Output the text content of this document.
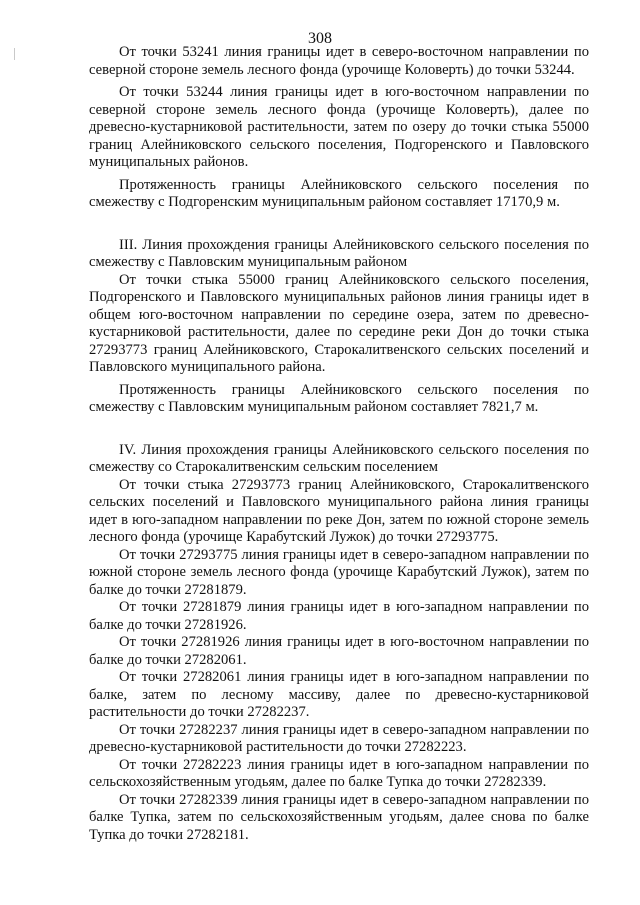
308

От точки 53241 линия границы идет в северо-восточном направлении по северной стороне земель лесного фонда (урочище Коловерть) до точки 53244.

От точки 53244 линия границы идет в юго-восточном направлении по северной стороне земель лесного фонда (урочище Коловерть), далее по древесно-кустарниковой растительности, затем по озеру до точки стыка 55000 границ Алейниковского сельского поселения, Подгоренского и Павловского муниципальных районов.

Протяженность границы Алейниковского сельского поселения по смежеству с Подгоренским муниципальным районом составляет 17170,9 м.

III. Линия прохождения границы Алейниковского сельского поселения по смежеству с Павловским муниципальным районом

От точки стыка 55000 границ Алейниковского сельского поселения, Подгоренского и Павловского муниципальных районов линия границы идет в общем юго-восточном направлении по середине озера, затем по древесно-кустарниковой растительности, далее по середине реки Дон до точки стыка 27293773 границ Алейниковского, Старокалитвенского сельских поселений и Павловского муниципального района.

Протяженность границы Алейниковского сельского поселения по смежеству с Павловским муниципальным районом составляет 7821,7 м.

IV. Линия прохождения границы Алейниковского сельского поселения по смежеству со Старокалитвенским сельским поселением

От точки стыка 27293773 границ Алейниковского, Старокалитвенского сельских поселений и Павловского муниципального района линия границы идет в юго-западном направлении по реке Дон, затем по южной стороне земель лесного фонда (урочище Карабутский Лужок) до точки 27293775.

От точки 27293775 линия границы идет в северо-западном направлении по южной стороне земель лесного фонда (урочище Карабутский Лужок), затем по балке до точки 27281879.

От точки 27281879 линия границы идет в юго-западном направлении по балке до точки 27281926.

От точки 27281926 линия границы идет в юго-восточном направлении по балке до точки 27282061.

От точки 27282061 линия границы идет в юго-западном направлении по балке, затем по лесному массиву, далее по древесно-кустарниковой растительности до точки 27282237.

От точки 27282237 линия границы идет в северо-западном направлении по древесно-кустарниковой растительности до точки 27282223.

От точки 27282223 линия границы идет в юго-западном направлении по сельскохозяйственным угодьям, далее по балке Тупка до точки 27282339.

От точки 27282339 линия границы идет в северо-западном направлении по балке Тупка, затем по сельскохозяйственным угодьям, далее снова по балке Тупка до точки 27282181.
